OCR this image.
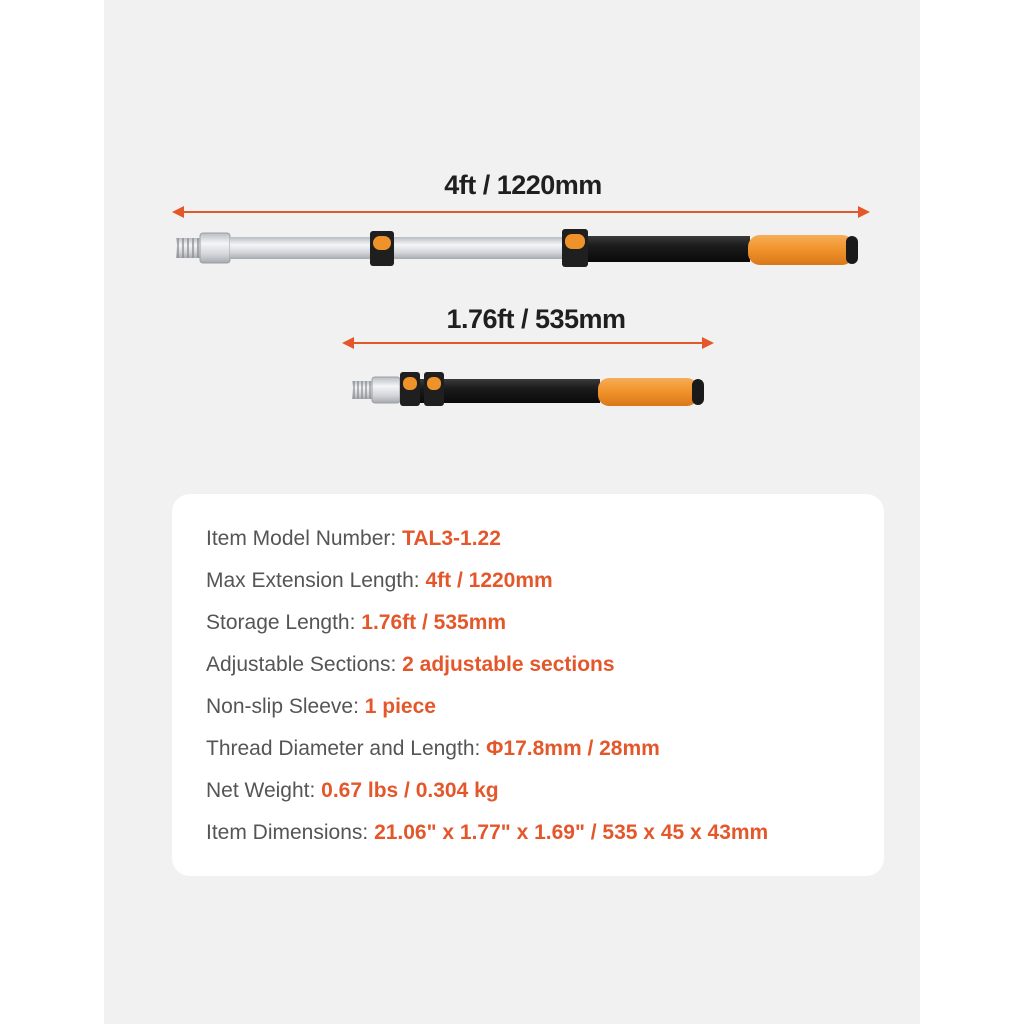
4ft / 1220mm
1.76ft / 535mm
Item Model Number: TAL3-1.22
Max Extension Length: 4ft / 1220mm
Storage Length: 1.76ft / 535mm
Adjustable Sections: 2 adjustable sections
Non-slip Sleeve: 1 piece
Thread Diameter and Length: Φ17.8mm / 28mm
Net Weight: 0.67 lbs / 0.304 kg
Item Dimensions: 21.06" x 1.77" x 1.69" / 535 x 45 x 43mm
